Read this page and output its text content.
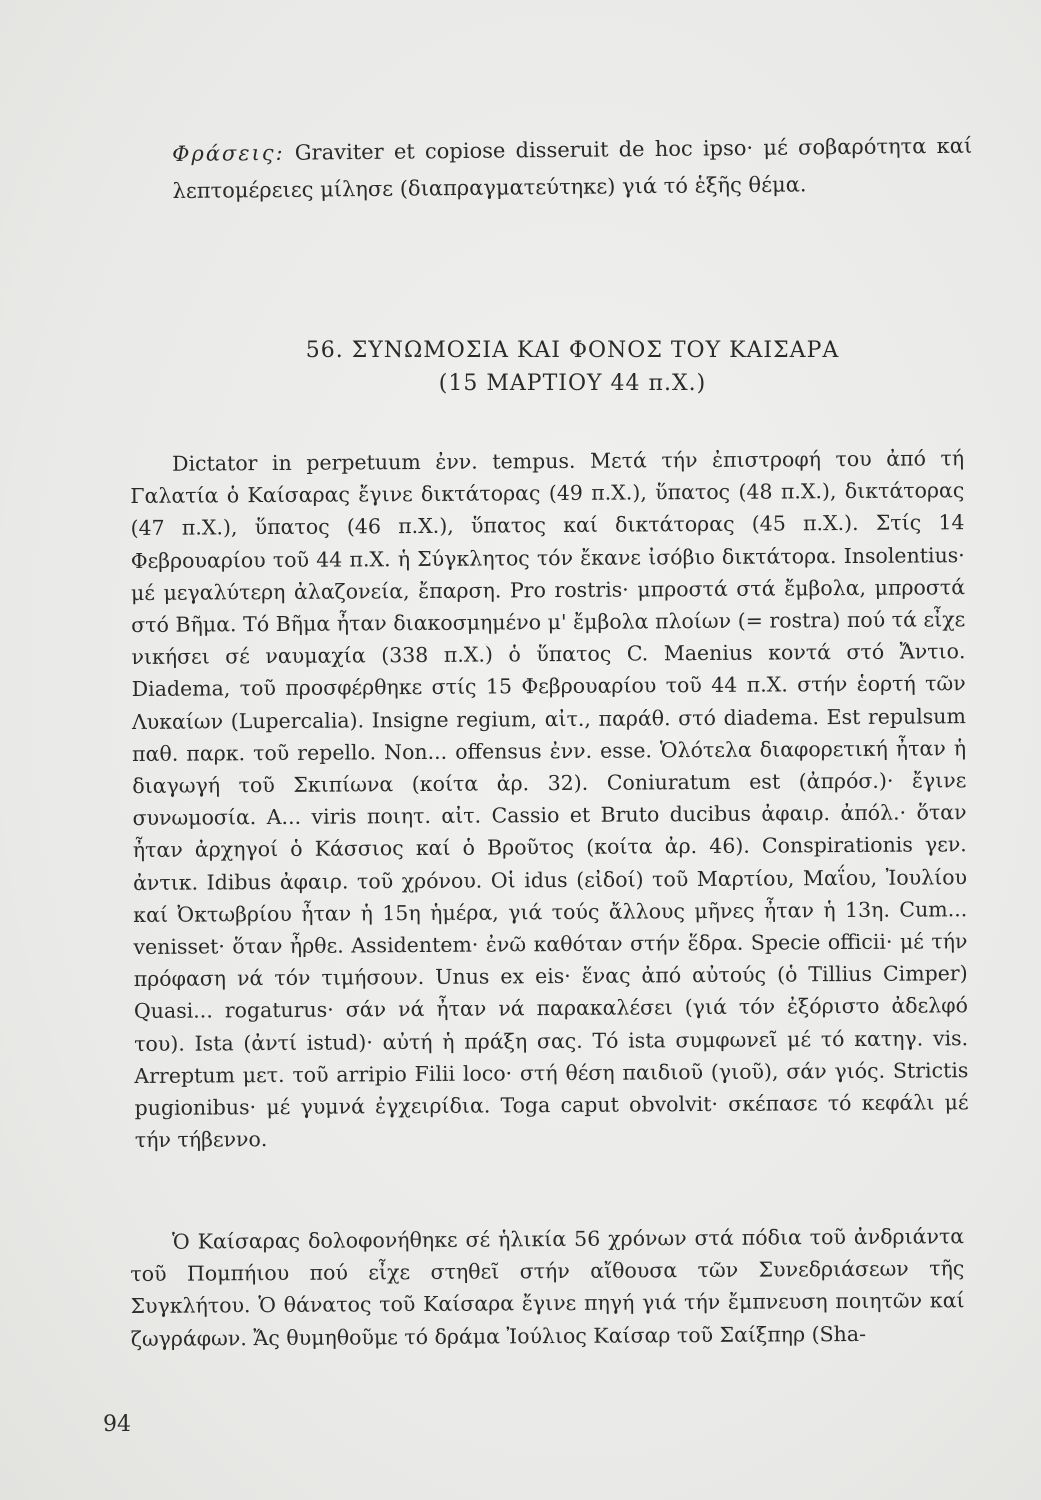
Φράσεις: Graviter et copiose disseruit de hoc ipso· μέ σοβαρότητα καί λεπτομέρειες μίλησε (διαπραγματεύτηκε) γιά τό ἑξῆς θέμα.
56. ΣΥΝΩΜΟΣΙΑ ΚΑΙ ΦΟΝΟΣ ΤΟΥ ΚΑΙΣΑΡΑ
(15 ΜΑΡΤΙΟΥ 44 π.Χ.)

Dictator in perpetuum ἐνν. tempus. Μετά τήν ἐπιστροφή του ἀπό τή Γαλατία ὁ Καίσαρας ἔγινε δικτάτορας (49 π.Χ.), ὕπατος (48 π.Χ.), δικτάτορας (47 π.Χ.), ὕπατος (46 π.Χ.), ὕπατος καί δικτάτορας (45 π.Χ.). Στίς 14 Φεβρουαρίου τοῦ 44 π.Χ. ἡ Σύγκλητος τόν ἔκανε ἰσόβιο δικτάτορα. Insolentius· μέ μεγαλύτερη ἀλαζονεία, ἔπαρση. Pro rostris· μπροστά στά ἔμβολα, μπροστά στό Βῆμα. Τό Βῆμα ἦταν διακοσμημένο μ' ἔμβολα πλοίων (= rostra) πού τά εἶχε νικήσει σέ ναυμαχία (338 π.Χ.) ὁ ὕπατος C. Maenius κοντά στό Ἄντιο. Diadema, τοῦ προσφέρθηκε στίς 15 Φεβρουαρίου τοῦ 44 π.Χ. στήν ἑορτή τῶν Λυκαίων (Lupercalia). Insigne regium, αἰτ., παράθ. στό diadema. Est repulsum παθ. παρκ. τοῦ repello. Non... offensus ἐνν. esse. Ὁλότελα διαφορετική ἦταν ἡ διαγωγή τοῦ Σκιπίωνα (κοίτα ἀρ. 32). Coniuratum est (ἀπρόσ.)· ἔγινε συνωμοσία. A... viris ποιητ. αἰτ. Cassio et Bruto ducibus ἀφαιρ. ἀπόλ.· ὅταν ἦταν ἀρχηγοί ὁ Κάσσιος καί ὁ Βροῦτος (κοίτα ἀρ. 46). Conspirationis γεν. ἀντικ. Idibus ἀφαιρ. τοῦ χρόνου. Οἱ idus (εἰδοί) τοῦ Μαρτίου, Μαΐου, Ἰουλίου καί Ὀκτωβρίου ἦταν ἡ 15η ἡμέρα, γιά τούς ἄλλους μῆνες ἦταν ἡ 13η. Cum... venisset· ὅταν ἦρθε. Assidentem· ἐνῶ καθόταν στήν ἕδρα. Specie officii· μέ τήν πρόφαση νά τόν τιμήσουν. Unus ex eis· ἕνας ἀπό αὐτούς (ὁ Tillius Cimper) Quasi... rogaturus· σάν νά ἦταν νά παρακαλέσει (γιά τόν ἐξόριστο ἀδελφό του). Ista (ἀντί istud)· αὐτή ἡ πράξη σας. Τό ista συμφωνεῖ μέ τό κατηγ. vis. Arreptum μετ. τοῦ arripio Filii loco· στή θέση παιδιοῦ (γιοῦ), σάν γιός. Strictis pugionibus· μέ γυμνά ἐγχειρίδια. Toga caput obvolvit· σκέπασε τό κεφάλι μέ τήν τήβεννο.

Ὁ Καίσαρας δολοφονήθηκε σέ ἡλικία 56 χρόνων στά πόδια τοῦ ἀνδριάντα τοῦ Πομπήιου πού εἶχε στηθεῖ στήν αἴθουσα τῶν Συνεδριάσεων τῆς Συγκλήτου. Ὁ θάνατος τοῦ Καίσαρα ἔγινε πηγή γιά τήν ἔμπνευση ποιητῶν καί ζωγράφων. Ἄς θυμηθοῦμε τό δράμα Ἰούλιος Καίσαρ τοῦ Σαίξπηρ (Sha-

94
